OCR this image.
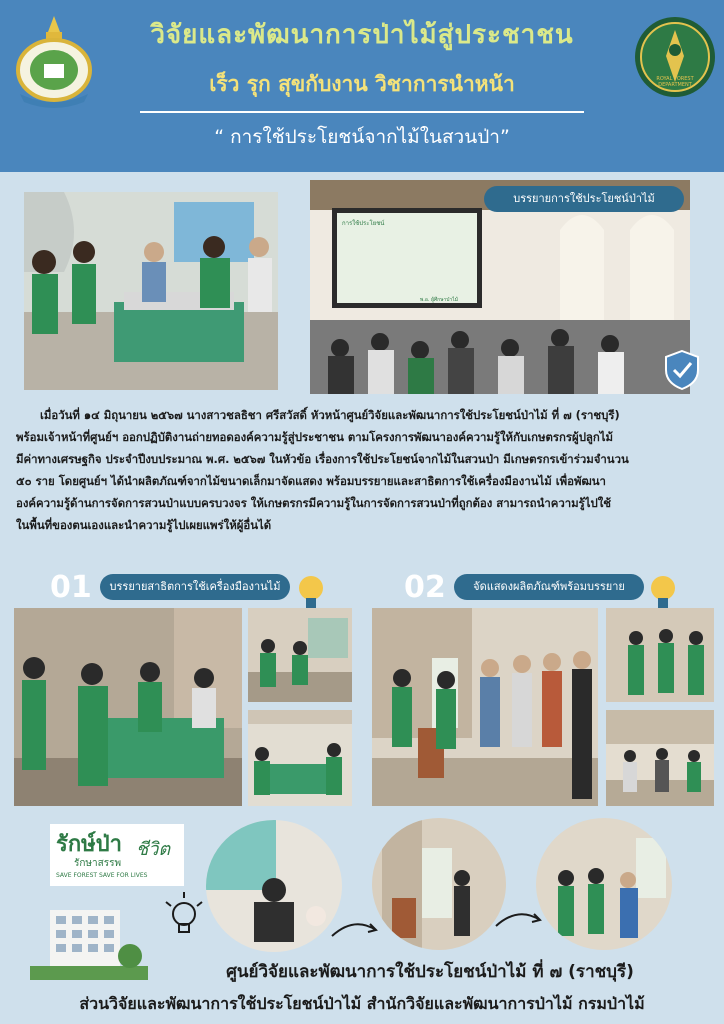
ROYAL FOREST DEPARTMENT
วิจัยและพัฒนาการป่าไม้สู่ประชาชน
เร็ว รุก สุขกับงาน วิชาการนำหน้า
“ การใช้ประโยชน์จากไม้ในสวนป่า”
การใช้ประโยชน์
พ.อ. ผู้ศึกษาป่าไม้
บรรยายการใช้ประโยชน์ป่าไม้
เมื่อวันที่ ๑๔ มิถุนายน ๒๕๖๗ นางสาวชลธิชา ศรีสวัสดิ์ หัวหน้าศูนย์วิจัยและพัฒนาการใช้ประโยชน์ป่าไม้ ที่ ๗ (ราชบุรี)
พร้อมเจ้าหน้าที่ศูนย์ฯ ออกปฏิบัติงานถ่ายทอดองค์ความรู้สู่ประชาชน ตามโครงการพัฒนาองค์ความรู้ให้กับเกษตรกรผู้ปลูกไม้
มีค่าทางเศรษฐกิจ ประจำปีงบประมาณ พ.ศ. ๒๕๖๗ ในหัวข้อ เรื่องการใช้ประโยชน์จากไม้ในสวนป่า มีเกษตรกรเข้าร่วมจำนวน
๕๐ ราย โดยศูนย์ฯ ได้นำผลิตภัณฑ์จากไม้ขนาดเล็กมาจัดแสดง พร้อมบรรยายและสาธิตการใช้เครื่องมืองานไม้ เพื่อพัฒนา
องค์ความรู้ด้านการจัดการสวนป่าแบบครบวงจร ให้เกษตรกรมีความรู้ในการจัดการสวนป่าที่ถูกต้อง สามารถนำความรู้ไปใช้
ในพื้นที่ของตนเองและนำความรู้ไปเผยแพร่ให้ผู้อื่นได้
01	บรรยายสาธิตการใช้เครื่องมืองานไม้	02	จัดแสดงผลิตภัณฑ์พร้อมบรรยาย
รักษ์ป่า ชีวิต
รักษาสรรพ
SAVE FOREST SAVE FOR LIVES
ศูนย์วิจัยและพัฒนาการใช้ประโยชน์ป่าไม้ ที่ ๗ (ราชบุรี)
ส่วนวิจัยและพัฒนาการใช้ประโยชน์ป่าไม้ สำนักวิจัยและพัฒนาการป่าไม้ กรมป่าไม้
